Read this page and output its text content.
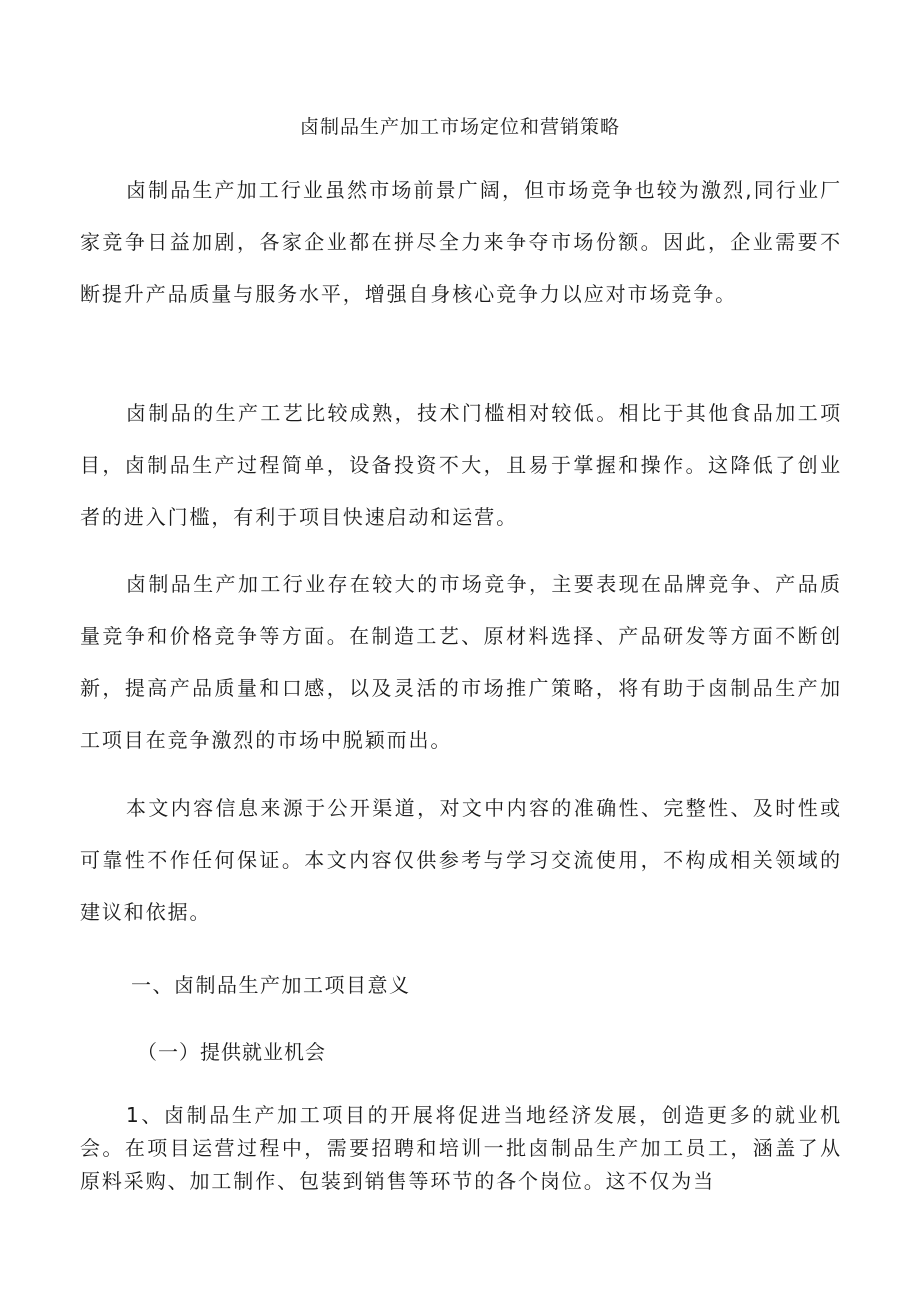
卤制品生产加工市场定位和营销策略

卤制品生产加工行业虽然市场前景广阔，但市场竞争也较为激烈,同行业厂家竞争日益加剧，各家企业都在拼尽全力来争夺市场份额。因此，企业需要不断提升产品质量与服务水平，增强自身核心竞争力以应对市场竞争。

卤制品的生产工艺比较成熟，技术门槛相对较低。相比于其他食品加工项目，卤制品生产过程简单，设备投资不大，且易于掌握和操作。这降低了创业者的进入门槛，有利于项目快速启动和运营。

卤制品生产加工行业存在较大的市场竞争，主要表现在品牌竞争、产品质量竞争和价格竞争等方面。在制造工艺、原材料选择、产品研发等方面不断创新，提高产品质量和口感，以及灵活的市场推广策略，将有助于卤制品生产加工项目在竞争激烈的市场中脱颖而出。

本文内容信息来源于公开渠道，对文中内容的准确性、完整性、及时性或可靠性不作任何保证。本文内容仅供参考与学习交流使用，不构成相关领域的建议和依据。

一、卤制品生产加工项目意义
（一）提供就业机会

1、卤制品生产加工项目的开展将促进当地经济发展，创造更多的就业机会。在项目运营过程中，需要招聘和培训一批卤制品生产加工员工，涵盖了从原料采购、加工制作、包装到销售等环节的各个岗位。这不仅为当
